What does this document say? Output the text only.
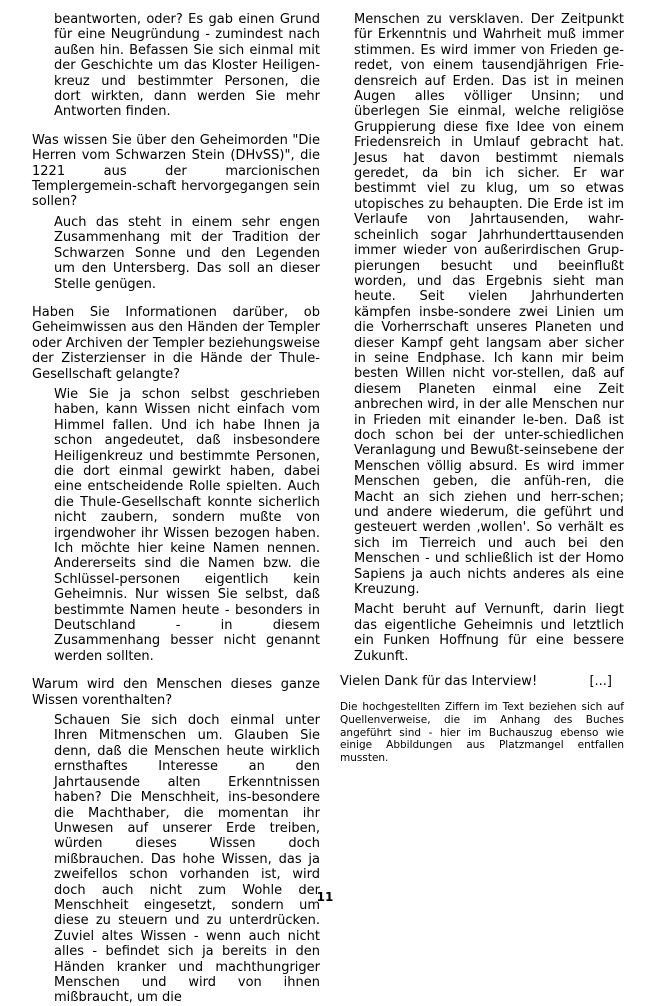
beantworten, oder? Es gab einen Grund für eine Neugründung - zumindest nach außen hin. Befassen Sie sich einmal mit der Geschichte um das Kloster Heiligen-kreuz und bestimmter Personen, die dort wirkten, dann werden Sie mehr Antworten finden.

Was wissen Sie über den Geheimorden "Die Herren vom Schwarzen Stein (DHvSS)", die 1221 aus der marcionischen Templergemein-schaft hervorgegangen sein sollen?

Auch das steht in einem sehr engen Zusammenhang mit der Tradition der Schwarzen Sonne und den Legenden um den Untersberg. Das soll an dieser Stelle genügen.

Haben Sie Informationen darüber, ob Geheimwissen aus den Händen der Templer oder Archiven der Templer beziehungsweise der Zisterzienser in die Hände der Thule-Gesellschaft gelangte?

Wie Sie ja schon selbst geschrieben haben, kann Wissen nicht einfach vom Himmel fallen. Und ich habe Ihnen ja schon angedeutet, daß insbesondere Heiligenkreuz und bestimmte Personen, die dort einmal gewirkt haben, dabei eine entscheidende Rolle spielten. Auch die Thule-Gesellschaft konnte sicherlich nicht zaubern, sondern mußte von irgendwoher ihr Wissen bezogen haben. Ich möchte hier keine Namen nennen. Andererseits sind die Namen bzw. die Schlüssel-personen eigentlich kein Geheimnis. Nur wissen Sie selbst, daß bestimmte Namen heute - besonders in Deutschland - in diesem Zusammenhang besser nicht genannt werden sollten.

Warum wird den Menschen dieses ganze Wissen vorenthalten?

Schauen Sie sich doch einmal unter Ihren Mitmenschen um. Glauben Sie denn, daß die Menschen heute wirklich ernsthaftes Interesse an den Jahrtausende alten Erkenntnissen haben? Die Menschheit, ins-besondere die Machthaber, die momentan ihr Unwesen auf unserer Erde treiben, würden dieses Wissen doch mißbrauchen. Das hohe Wissen, das ja zweifellos schon vorhanden ist, wird doch auch nicht zum Wohle der Menschheit eingesetzt, sondern um diese zu steuern und zu unterdrücken. Zuviel altes Wissen - wenn auch nicht alles - befindet sich ja bereits in den Händen kranker und machthungriger Menschen und wird von ihnen mißbraucht, um die

Menschen zu versklaven. Der Zeitpunkt für Erkenntnis und Wahrheit muß immer stimmen. Es wird immer von Frieden ge-redet, von einem tausendjährigen Frie-densreich auf Erden. Das ist in meinen Augen alles völliger Unsinn; und überlegen Sie einmal, welche religiöse Gruppierung diese fixe Idee von einem Friedensreich in Umlauf gebracht hat. Jesus hat davon bestimmt niemals geredet, da bin ich sicher. Er war bestimmt viel zu klug, um so etwas utopisches zu behaupten. Die Erde ist im Verlaufe von Jahrtausenden, wahr-scheinlich sogar Jahrhunderttausenden immer wieder von außerirdischen Grup-pierungen besucht und beeinflußt worden, und das Ergebnis sieht man heute. Seit vielen Jahrhunderten kämpfen insbe-sondere zwei Linien um die Vorherrschaft unseres Planeten und dieser Kampf geht langsam aber sicher in seine Endphase. Ich kann mir beim besten Willen nicht vor-stellen, daß auf diesem Planeten einmal eine Zeit anbrechen wird, in der alle Menschen nur in Frieden mit einander le-ben. Daß ist doch schon bei der unter-schiedlichen Veranlagung und Bewußt-seinsebene der Menschen völlig absurd. Es wird immer Menschen geben, die anfüh-ren, die Macht an sich ziehen und herr-schen; und andere wiederum, die geführt und gesteuert werden ‚wollen'. So verhält es sich im Tierreich und auch bei den Menschen - und schließlich ist der Homo Sapiens ja auch nichts anderes als eine Kreuzung.

Macht beruht auf Vernunft, darin liegt das eigentliche Geheimnis und letztlich ein Funken Hoffnung für eine bessere Zukunft.

Vielen Dank für das Interview!	[...]

Die hochgestellten Ziffern im Text beziehen sich auf Quellenverweise, die im Anhang des Buches angeführt sind - hier im Buchauszug ebenso wie einige Abbildungen aus Platzmangel entfallen mussten.

11
